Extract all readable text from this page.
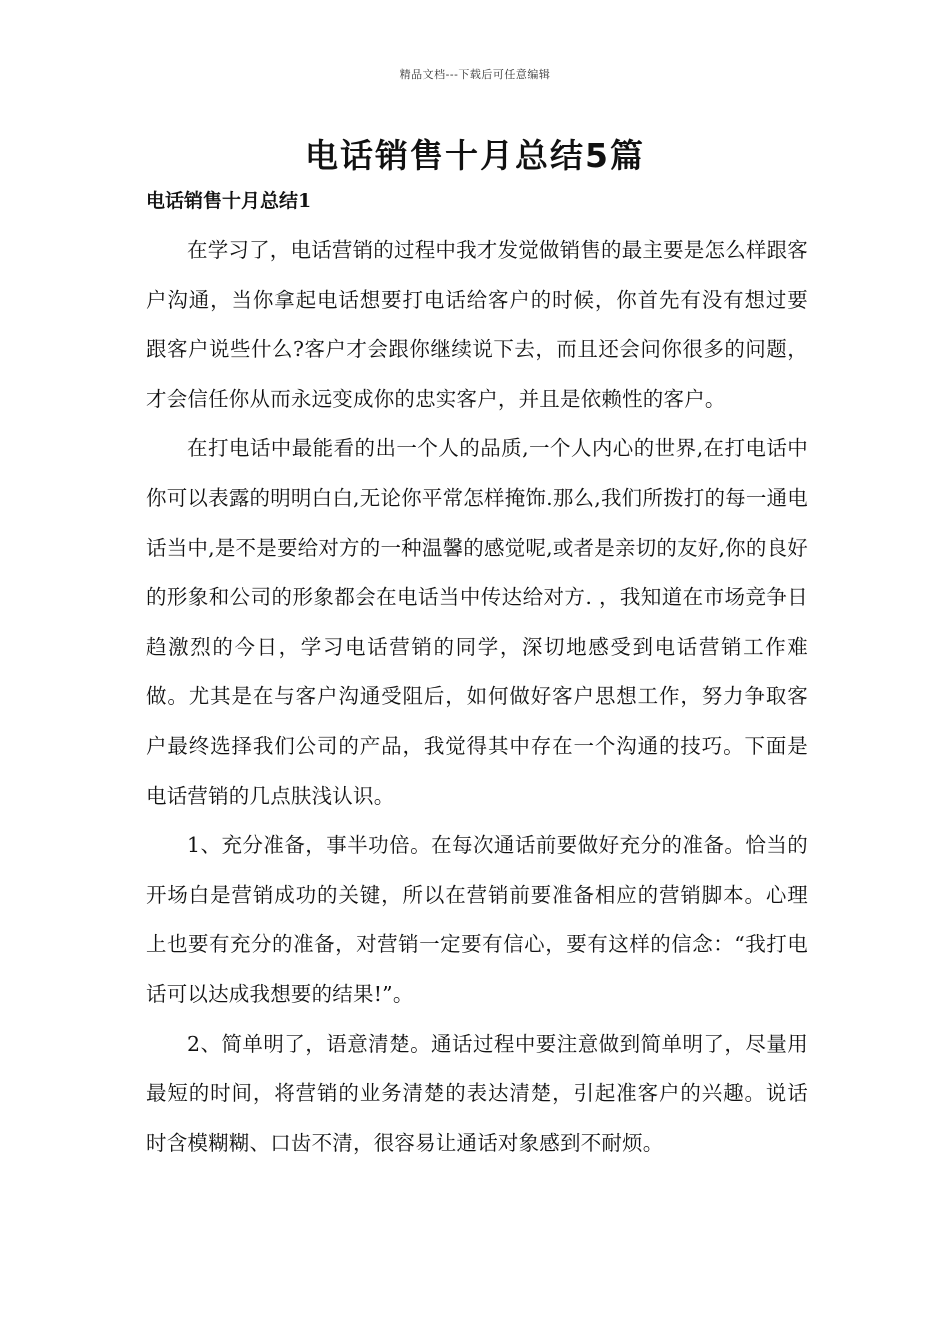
精品文档---下载后可任意编辑
电话销售十月总结5篇
电话销售十月总结1

在学习了，电话营销的过程中我才发觉做销售的最主要是怎么样跟客户沟通，当你拿起电话想要打电话给客户的时候，你首先有没有想过要跟客户说些什么?客户才会跟你继续说下去，而且还会问你很多的问题，才会信任你从而永远变成你的忠实客户，并且是依赖性的客户。

在打电话中最能看的出一个人的品质,一个人内心的世界,在打电话中你可以表露的明明白白,无论你平常怎样掩饰.那么,我们所拨打的每一通电话当中,是不是要给对方的一种温馨的感觉呢,或者是亲切的友好,你的良好的形象和公司的形象都会在电话当中传达给对方. ，我知道在市场竞争日趋激烈的今日，学习电话营销的同学，深切地感受到电话营销工作难做。尤其是在与客户沟通受阻后，如何做好客户思想工作，努力争取客户最终选择我们公司的产品，我觉得其中存在一个沟通的技巧。下面是电话营销的几点肤浅认识。

1、充分准备，事半功倍。在每次通话前要做好充分的准备。恰当的开场白是营销成功的关键，所以在营销前要准备相应的营销脚本。心理上也要有充分的准备，对营销一定要有信心，要有这样的信念：“我打电话可以达成我想要的结果!”。

2、简单明了，语意清楚。通话过程中要注意做到简单明了，尽量用最短的时间，将营销的业务清楚的表达清楚，引起准客户的兴趣。说话时含模糊糊、口齿不清，很容易让通话对象感到不耐烦。
